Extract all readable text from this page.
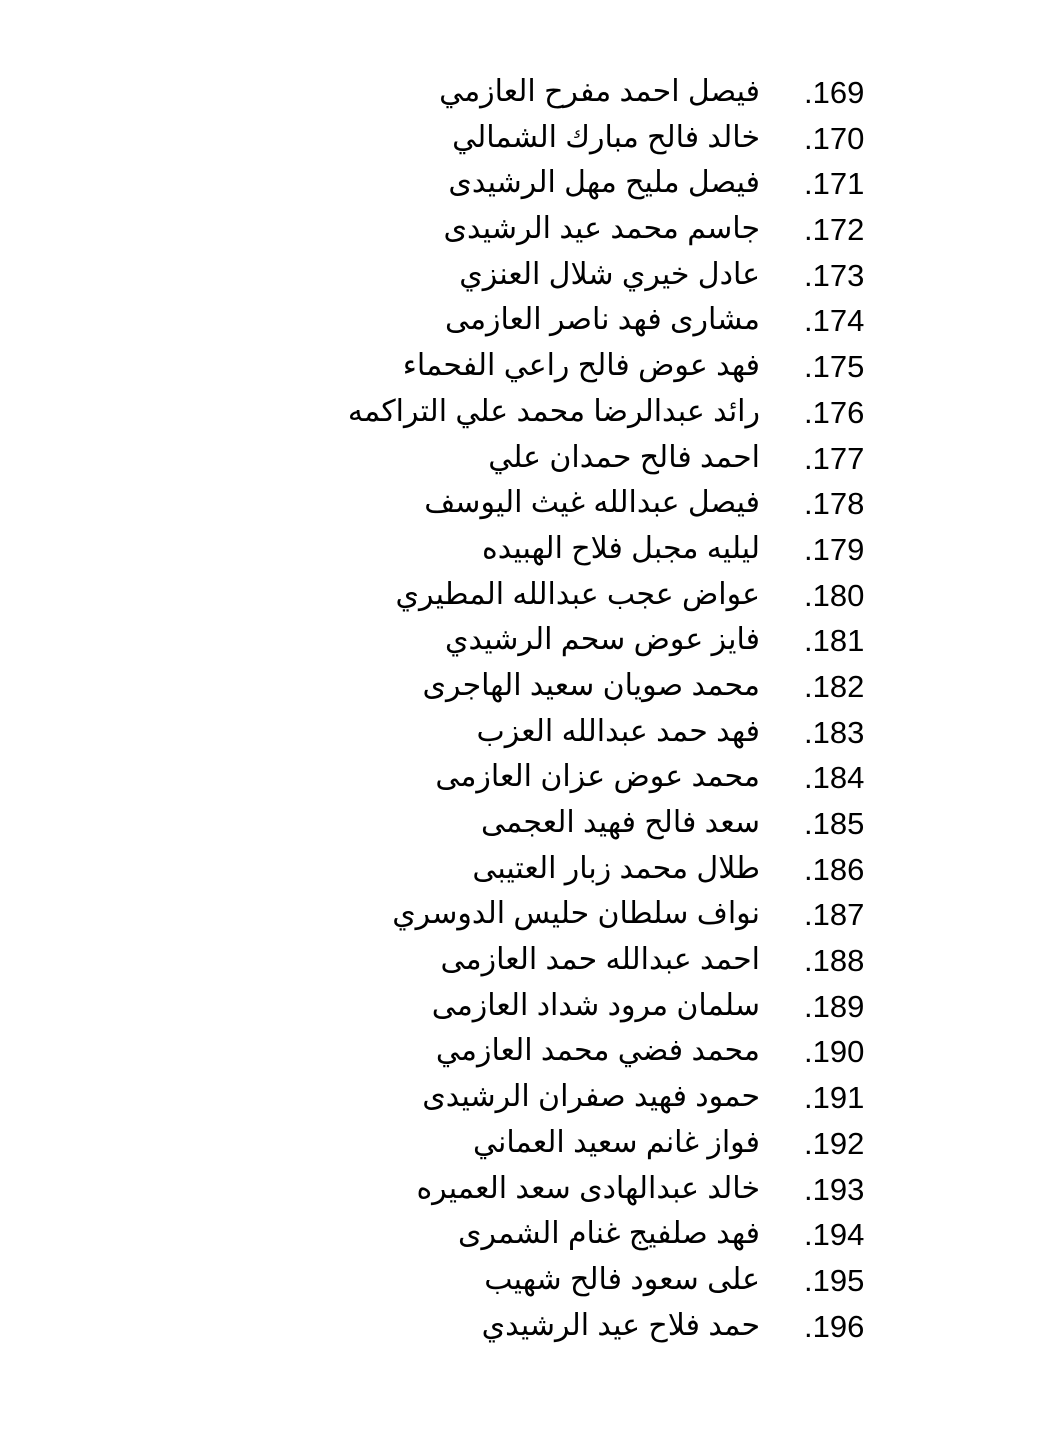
.169
فيصل احمد مفرح العازمي
.170
خالد فالح مبارك الشمالي
.171
فيصل مليح مهل الرشيدى
.172
جاسم محمد عيد الرشيدى
.173
عادل خيري شلال العنزي
.174
مشارى فهد ناصر العازمى
.175
فهد عوض فالح راعي الفحماء
.176
رائد عبدالرضا محمد علي التراكمه
.177
احمد فالح حمدان علي
.178
فيصل عبدالله غيث اليوسف
.179
ليليه مجبل فلاح الهبيده
.180
عواض عجب عبدالله المطيري
.181
فايز عوض سحم الرشيدي
.182
محمد صويان سعيد الهاجرى
.183
فهد حمد عبدالله العزب
.184
محمد عوض عزان العازمى
.185
سعد فالح فهيد العجمى
.186
طلال محمد زبار العتيبى
.187
نواف سلطان حليس الدوسري
.188
احمد عبدالله حمد العازمى
.189
سلمان مرود شداد العازمى
.190
محمد فضي محمد العازمي
.191
حمود فهيد صفران الرشيدى
.192
فواز غانم سعيد العماني
.193
خالد عبدالهادى سعد العميره
.194
فهد صلفيج غنام الشمرى
.195
على سعود فالح شهيب
.196
حمد فلاح عيد الرشيدي
